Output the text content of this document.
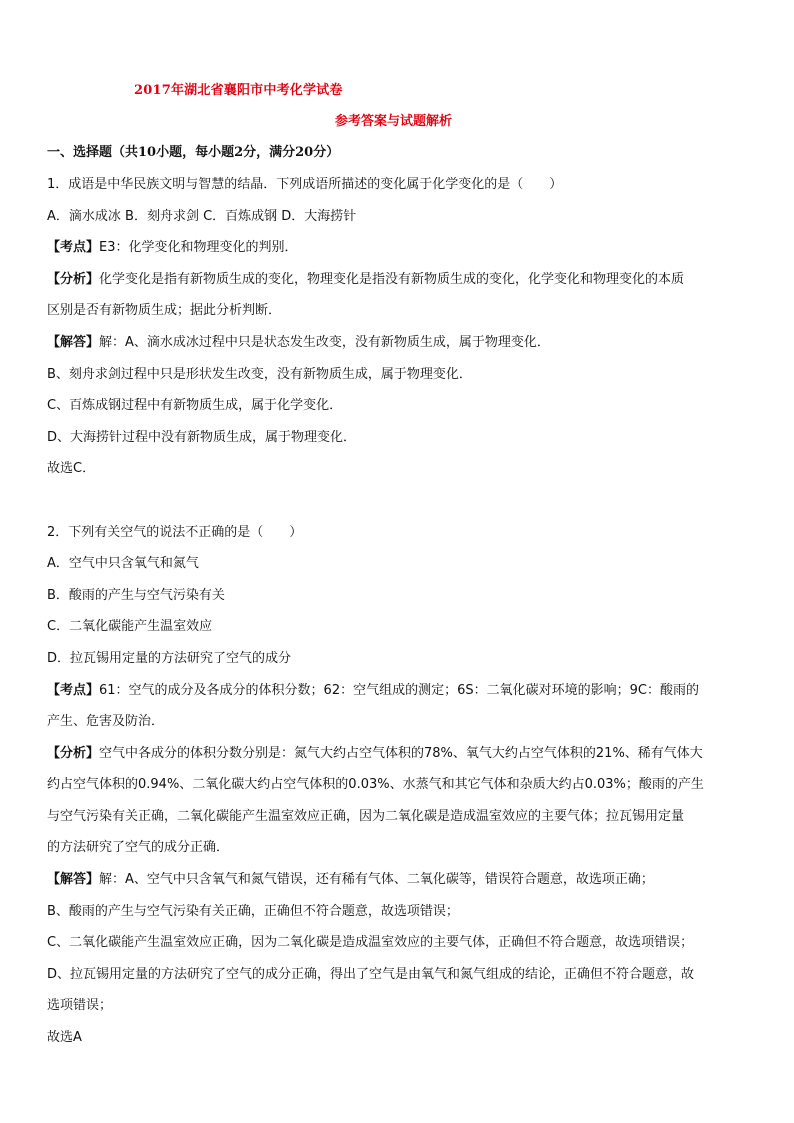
2017年湖北省襄阳市中考化学试卷
参考答案与试题解析
一、选择题（共10小题，每小题2分，满分20分）
1．成语是中华民族文明与智慧的结晶．下列成语所描述的变化属于化学变化的是（　　）
A．滴水成冰 B．刻舟求剑 C．百炼成钢 D．大海捞针
【考点】E3：化学变化和物理变化的判别．
【分析】化学变化是指有新物质生成的变化，物理变化是指没有新物质生成的变化，化学变化和物理变化的本质
区别是否有新物质生成；据此分析判断．
【解答】解：A、滴水成冰过程中只是状态发生改变，没有新物质生成，属于物理变化．
B、刻舟求剑过程中只是形状发生改变，没有新物质生成，属于物理变化．
C、百炼成钢过程中有新物质生成，属于化学变化．
D、大海捞针过程中没有新物质生成，属于物理变化．
故选C．
2．下列有关空气的说法不正确的是（　　）
A．空气中只含氧气和氮气
B．酸雨的产生与空气污染有关
C．二氧化碳能产生温室效应
D．拉瓦锡用定量的方法研究了空气的成分
【考点】61：空气的成分及各成分的体积分数；62：空气组成的测定；6S：二氧化碳对环境的影响；9C：酸雨的
产生、危害及防治．
【分析】空气中各成分的体积分数分别是：氮气大约占空气体积的78%、氧气大约占空气体积的21%、稀有气体大
约占空气体积的0.94%、二氧化碳大约占空气体积的0.03%、水蒸气和其它气体和杂质大约占0.03%；酸雨的产生
与空气污染有关正确，二氧化碳能产生温室效应正确，因为二氧化碳是造成温室效应的主要气体；拉瓦锡用定量
的方法研究了空气的成分正确．
【解答】解：A、空气中只含氧气和氮气错误，还有稀有气体、二氧化碳等，错误符合题意，故选项正确；
B、酸雨的产生与空气污染有关正确，正确但不符合题意，故选项错误；
C、二氧化碳能产生温室效应正确，因为二氧化碳是造成温室效应的主要气体，正确但不符合题意，故选项错误；
D、拉瓦锡用定量的方法研究了空气的成分正确，得出了空气是由氧气和氮气组成的结论，正确但不符合题意，故
选项错误；
故选A
